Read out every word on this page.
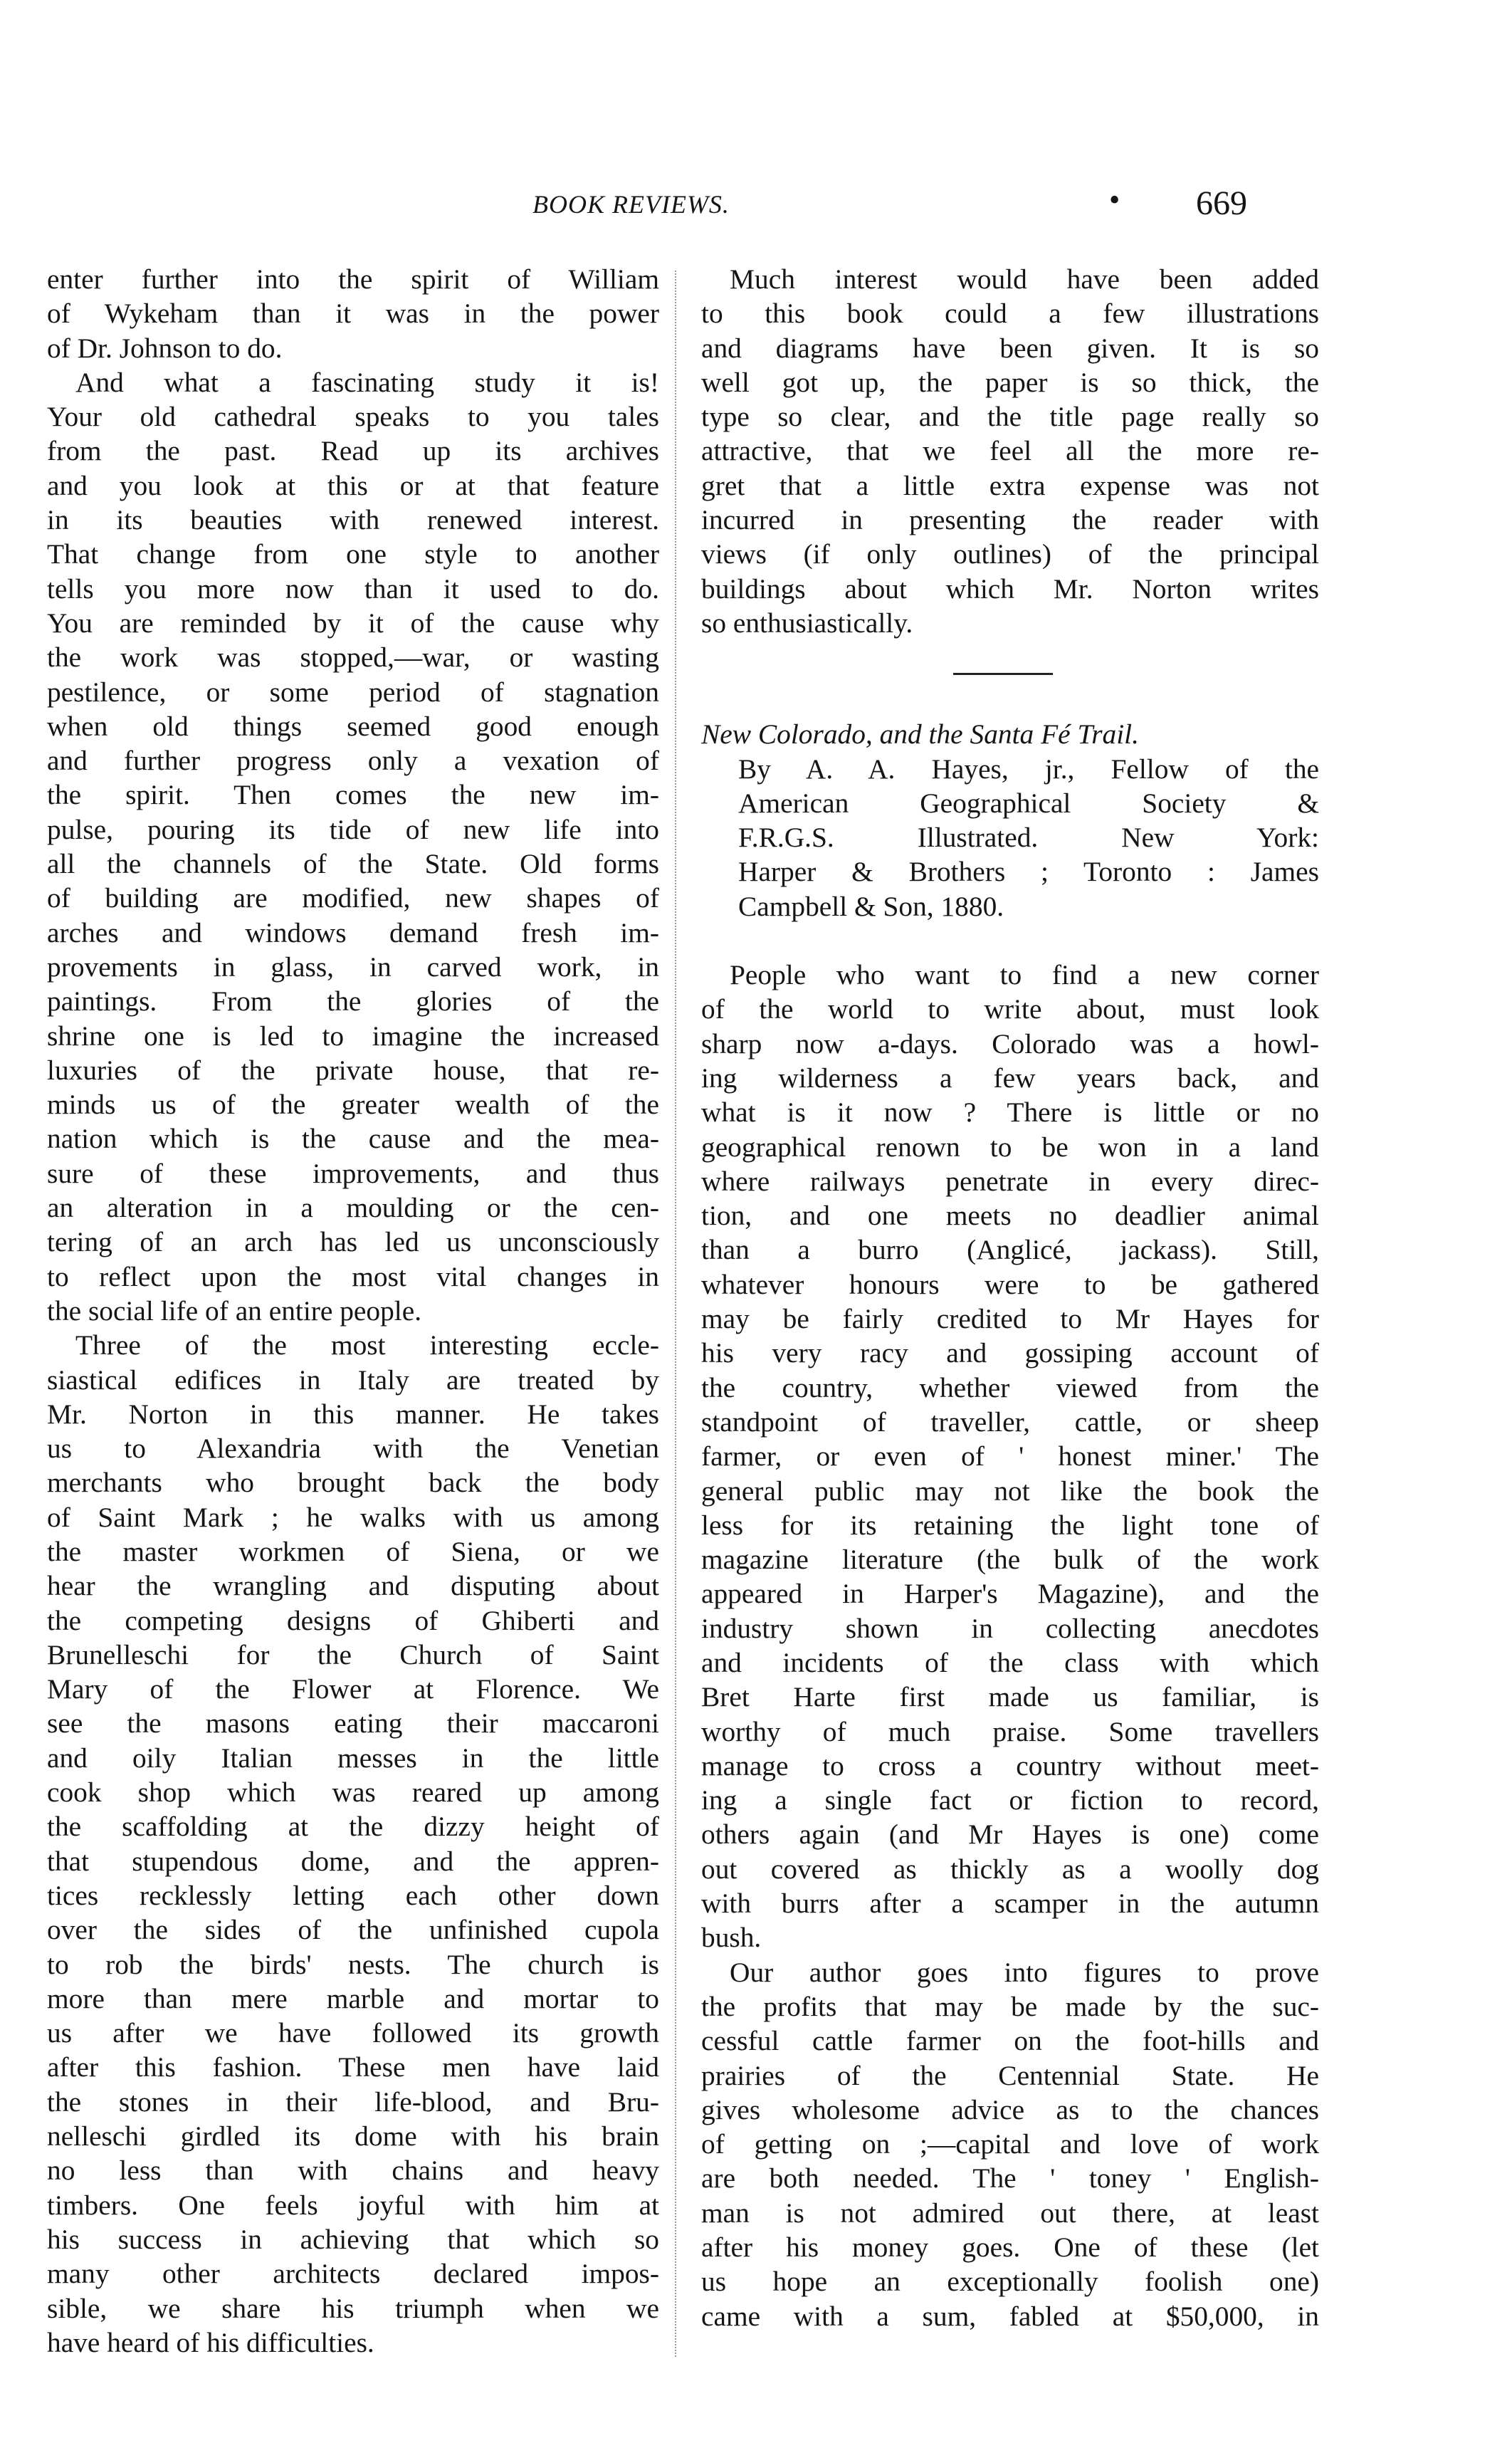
BOOK REVIEWS.	• 669
enter further into the spirit of William
of Wykeham than it was in the power
of Dr. Johnson to do.
And what a fascinating study it is!
Your old cathedral speaks to you tales
from the past. Read up its archives
and you look at this or at that feature
in its beauties with renewed interest.
That change from one style to another
tells you more now than it used to do.
You are reminded by it of the cause why
the work was stopped,—war, or wasting
pestilence, or some period of stagnation
when old things seemed good enough
and further progress only a vexation of
the spirit. Then comes the new im-
pulse, pouring its tide of new life into
all the channels of the State. Old forms
of building are modified, new shapes of
arches and windows demand fresh im-
provements in glass, in carved work, in
paintings. From the glories of the
shrine one is led to imagine the increased
luxuries of the private house, that re-
minds us of the greater wealth of the
nation which is the cause and the mea-
sure of these improvements, and thus
an alteration in a moulding or the cen-
tering of an arch has led us unconsciously
to reflect upon the most vital changes in
the social life of an entire people.
Three of the most interesting eccle-
siastical edifices in Italy are treated by
Mr. Norton in this manner. He takes
us to Alexandria with the Venetian
merchants who brought back the body
of Saint Mark ; he walks with us among
the master workmen of Siena, or we
hear the wrangling and disputing about
the competing designs of Ghiberti and
Brunelleschi for the Church of Saint
Mary of the Flower at Florence. We
see the masons eating their maccaroni
and oily Italian messes in the little
cook shop which was reared up among
the scaffolding at the dizzy height of
that stupendous dome, and the appren-
tices recklessly letting each other down
over the sides of the unfinished cupola
to rob the birds' nests. The church is
more than mere marble and mortar to
us after we have followed its growth
after this fashion. These men have laid
the stones in their life-blood, and Bru-
nelleschi girdled its dome with his brain
no less than with chains and heavy
timbers. One feels joyful with him at
his success in achieving that which so
many other architects declared impos-
sible, we share his triumph when we
have heard of his difficulties.
Much interest would have been added
to this book could a few illustrations
and diagrams have been given. It is so
well got up, the paper is so thick, the
type so clear, and the title page really so
attractive, that we feel all the more re-
gret that a little extra expense was not
incurred in presenting the reader with
views (if only outlines) of the principal
buildings about which Mr. Norton writes
so enthusiastically.
New Colorado, and the Santa Fé Trail.
By A. A. Hayes, jr., Fellow of the
American Geographical Society &
F.R.G.S. Illustrated. New York:
Harper & Brothers ; Toronto : James
Campbell & Son, 1880.
People who want to find a new corner
of the world to write about, must look
sharp now a-days. Colorado was a howl-
ing wilderness a few years back, and
what is it now ? There is little or no
geographical renown to be won in a land
where railways penetrate in every direc-
tion, and one meets no deadlier animal
than a burro (Anglicé, jackass). Still,
whatever honours were to be gathered
may be fairly credited to Mr Hayes for
his very racy and gossiping account of
the country, whether viewed from the
standpoint of traveller, cattle, or sheep
farmer, or even of ' honest miner.' The
general public may not like the book the
less for its retaining the light tone of
magazine literature (the bulk of the work
appeared in Harper's Magazine), and the
industry shown in collecting anecdotes
and incidents of the class with which
Bret Harte first made us familiar, is
worthy of much praise. Some travellers
manage to cross a country without meet-
ing a single fact or fiction to record,
others again (and Mr Hayes is one) come
out covered as thickly as a woolly dog
with burrs after a scamper in the autumn
bush.
Our author goes into figures to prove
the profits that may be made by the suc-
cessful cattle farmer on the foot-hills and
prairies of the Centennial State. He
gives wholesome advice as to the chances
of getting on ;—capital and love of work
are both needed. The ' toney ' English-
man is not admired out there, at least
after his money goes. One of these (let
us hope an exceptionally foolish one)
came with a sum, fabled at $50,000, in
